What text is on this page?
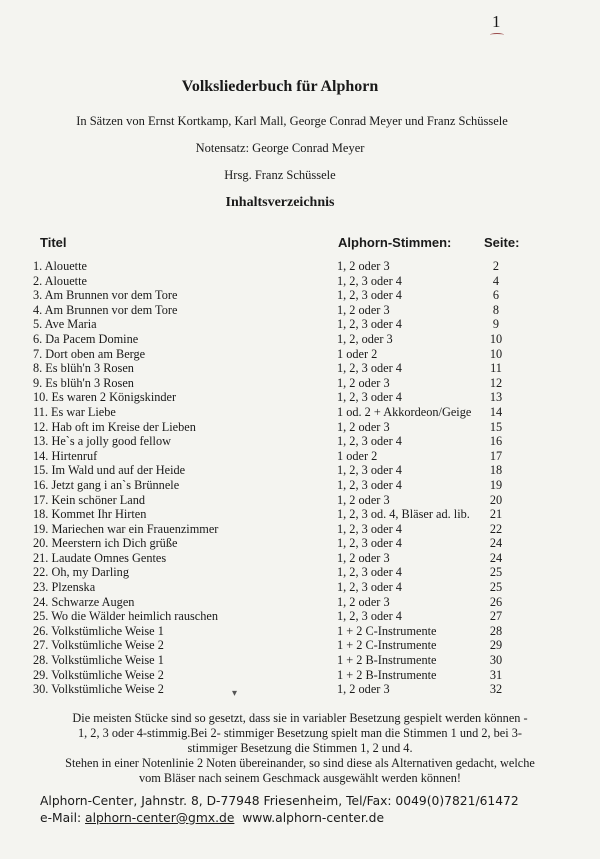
1
Volksliederbuch für Alphorn
In Sätzen von Ernst Kortkamp, Karl Mall, George Conrad Meyer und Franz Schüssele
Notensatz: George Conrad Meyer
Hrsg. Franz Schüssele
Inhaltsverzeichnis
Titel	Alphorn-Stimmen:	Seite:
1. Alouette	1, 2 oder 3	2
2. Alouette	1, 2, 3 oder 4	4
3. Am Brunnen vor dem Tore	1, 2, 3 oder 4	6
4. Am Brunnen vor dem Tore	1, 2 oder 3	8
5. Ave Maria	1, 2, 3 oder 4	9
6. Da Pacem Domine	1, 2, oder 3	10
7. Dort oben am Berge	1 oder 2	10
8. Es blüh'n 3 Rosen	1, 2, 3 oder 4	11
9. Es blüh'n 3 Rosen	1, 2 oder 3	12
10. Es waren 2 Königskinder	1, 2, 3 oder 4	13
11. Es war Liebe	1 od. 2 + Akkordeon/Geige	14
12. Hab oft im Kreise der Lieben	1, 2 oder 3	15
13. He`s a jolly good fellow	1, 2, 3 oder 4	16
14. Hirtenruf	1 oder 2	17
15. Im Wald und auf der Heide	1, 2, 3 oder 4	18
16. Jetzt gang i an`s Brünnele	1, 2, 3 oder 4	19
17. Kein schöner Land	1, 2 oder 3	20
18. Kommet Ihr Hirten	1, 2, 3 od. 4, Bläser ad. lib.	21
19. Mariechen war ein Frauenzimmer	1, 2, 3 oder 4	22
20. Meerstern ich Dich grüße	1, 2, 3 oder 4	24
21. Laudate Omnes Gentes	1, 2 oder 3	24
22. Oh, my Darling	1, 2, 3 oder 4	25
23. Plzenska	1, 2, 3 oder 4	25
24. Schwarze Augen	1, 2 oder 3	26
25. Wo die Wälder heimlich rauschen	1, 2, 3 oder 4	27
26. Volkstümliche Weise 1	1 + 2 C-Instrumente	28
27. Volkstümliche Weise 2	1 + 2 C-Instrumente	29
28. Volkstümliche Weise 1	1 + 2 B-Instrumente	30
29. Volkstümliche Weise 2	1 + 2 B-Instrumente	31
30. Volkstümliche Weise 2	1, 2 oder 3	32
▾

Die meisten Stücke sind so gesetzt, dass sie in variabler Besetzung gespielt werden können -

1, 2, 3 oder 4-stimmig.Bei 2- stimmiger Besetzung spielt man die Stimmen 1 und 2, bei 3-

stimmiger Besetzung die Stimmen 1, 2 und 4.

Stehen in einer Notenlinie 2 Noten übereinander, so sind diese als Alternativen gedacht, welche

vom Bläser nach seinem Geschmack ausgewählt werden können!

Alphorn-Center, Jahnstr. 8, D-77948 Friesenheim, Tel/Fax: 0049(0)7821/61472
e-Mail: alphorn-center@gmx.de www.alphorn-center.de
